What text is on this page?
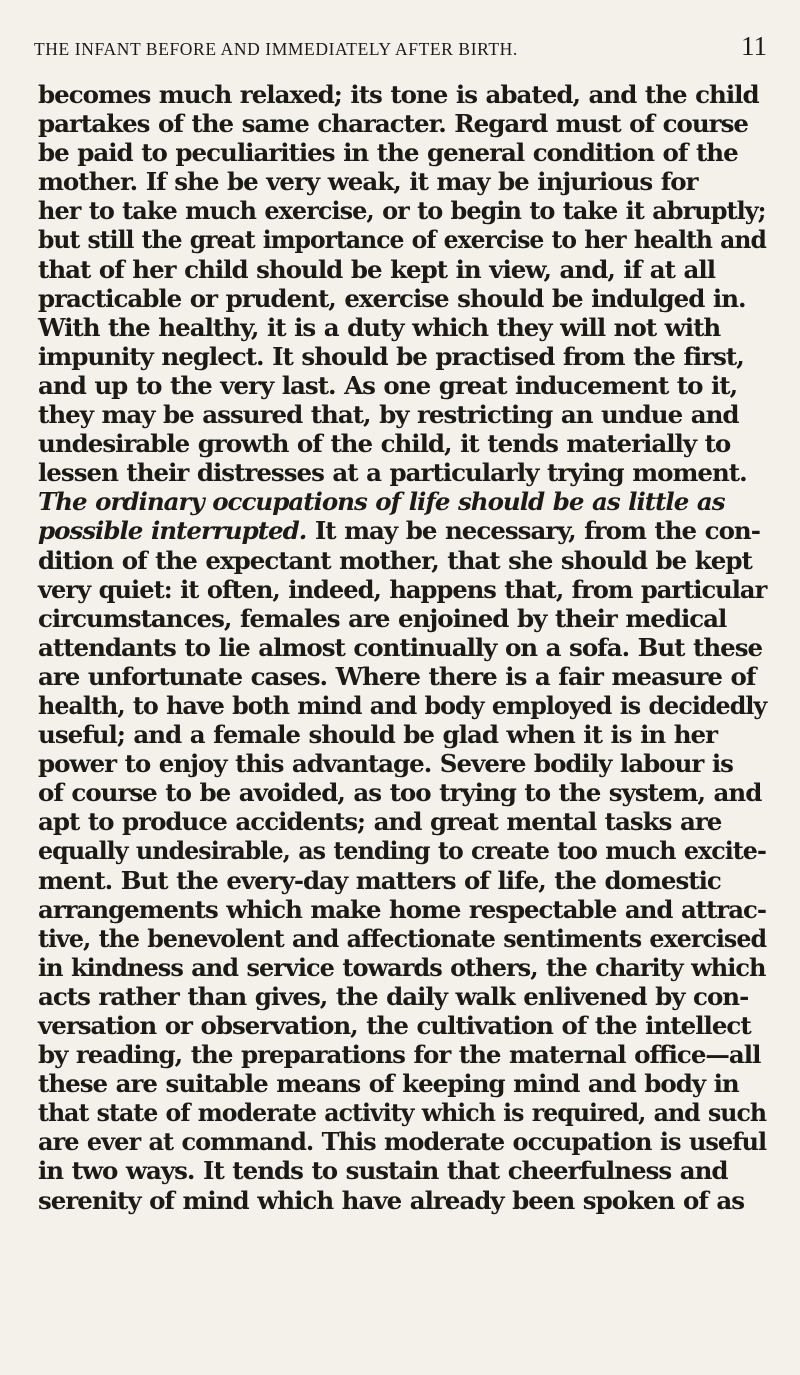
THE INFANT BEFORE AND IMMEDIATELY AFTER BIRTH.	11
becomes much relaxed; its tone is abated, and the child
partakes of the same character. Regard must of course
be paid to peculiarities in the general condition of the
mother. If she be very weak, it may be injurious for
her to take much exercise, or to begin to take it abruptly;
but still the great importance of exercise to her health and
that of her child should be kept in view, and, if at all
practicable or prudent, exercise should be indulged in.
With the healthy, it is a duty which they will not with
impunity neglect. It should be practised from the first,
and up to the very last. As one great inducement to it,
they may be assured that, by restricting an undue and
undesirable growth of the child, it tends materially to
lessen their distresses at a particularly trying moment.
The ordinary occupations of life should be as little as
possible interrupted. It may be necessary, from the con-
dition of the expectant mother, that she should be kept
very quiet: it often, indeed, happens that, from particular
circumstances, females are enjoined by their medical
attendants to lie almost continually on a sofa. But these
are unfortunate cases. Where there is a fair measure of
health, to have both mind and body employed is decidedly
useful; and a female should be glad when it is in her
power to enjoy this advantage. Severe bodily labour is
of course to be avoided, as too trying to the system, and
apt to produce accidents; and great mental tasks are
equally undesirable, as tending to create too much excite-
ment. But the every-day matters of life, the domestic
arrangements which make home respectable and attrac-
tive, the benevolent and affectionate sentiments exercised
in kindness and service towards others, the charity which
acts rather than gives, the daily walk enlivened by con-
versation or observation, the cultivation of the intellect
by reading, the preparations for the maternal office—all
these are suitable means of keeping mind and body in
that state of moderate activity which is required, and such
are ever at command. This moderate occupation is useful
in two ways. It tends to sustain that cheerfulness and
serenity of mind which have already been spoken of as
